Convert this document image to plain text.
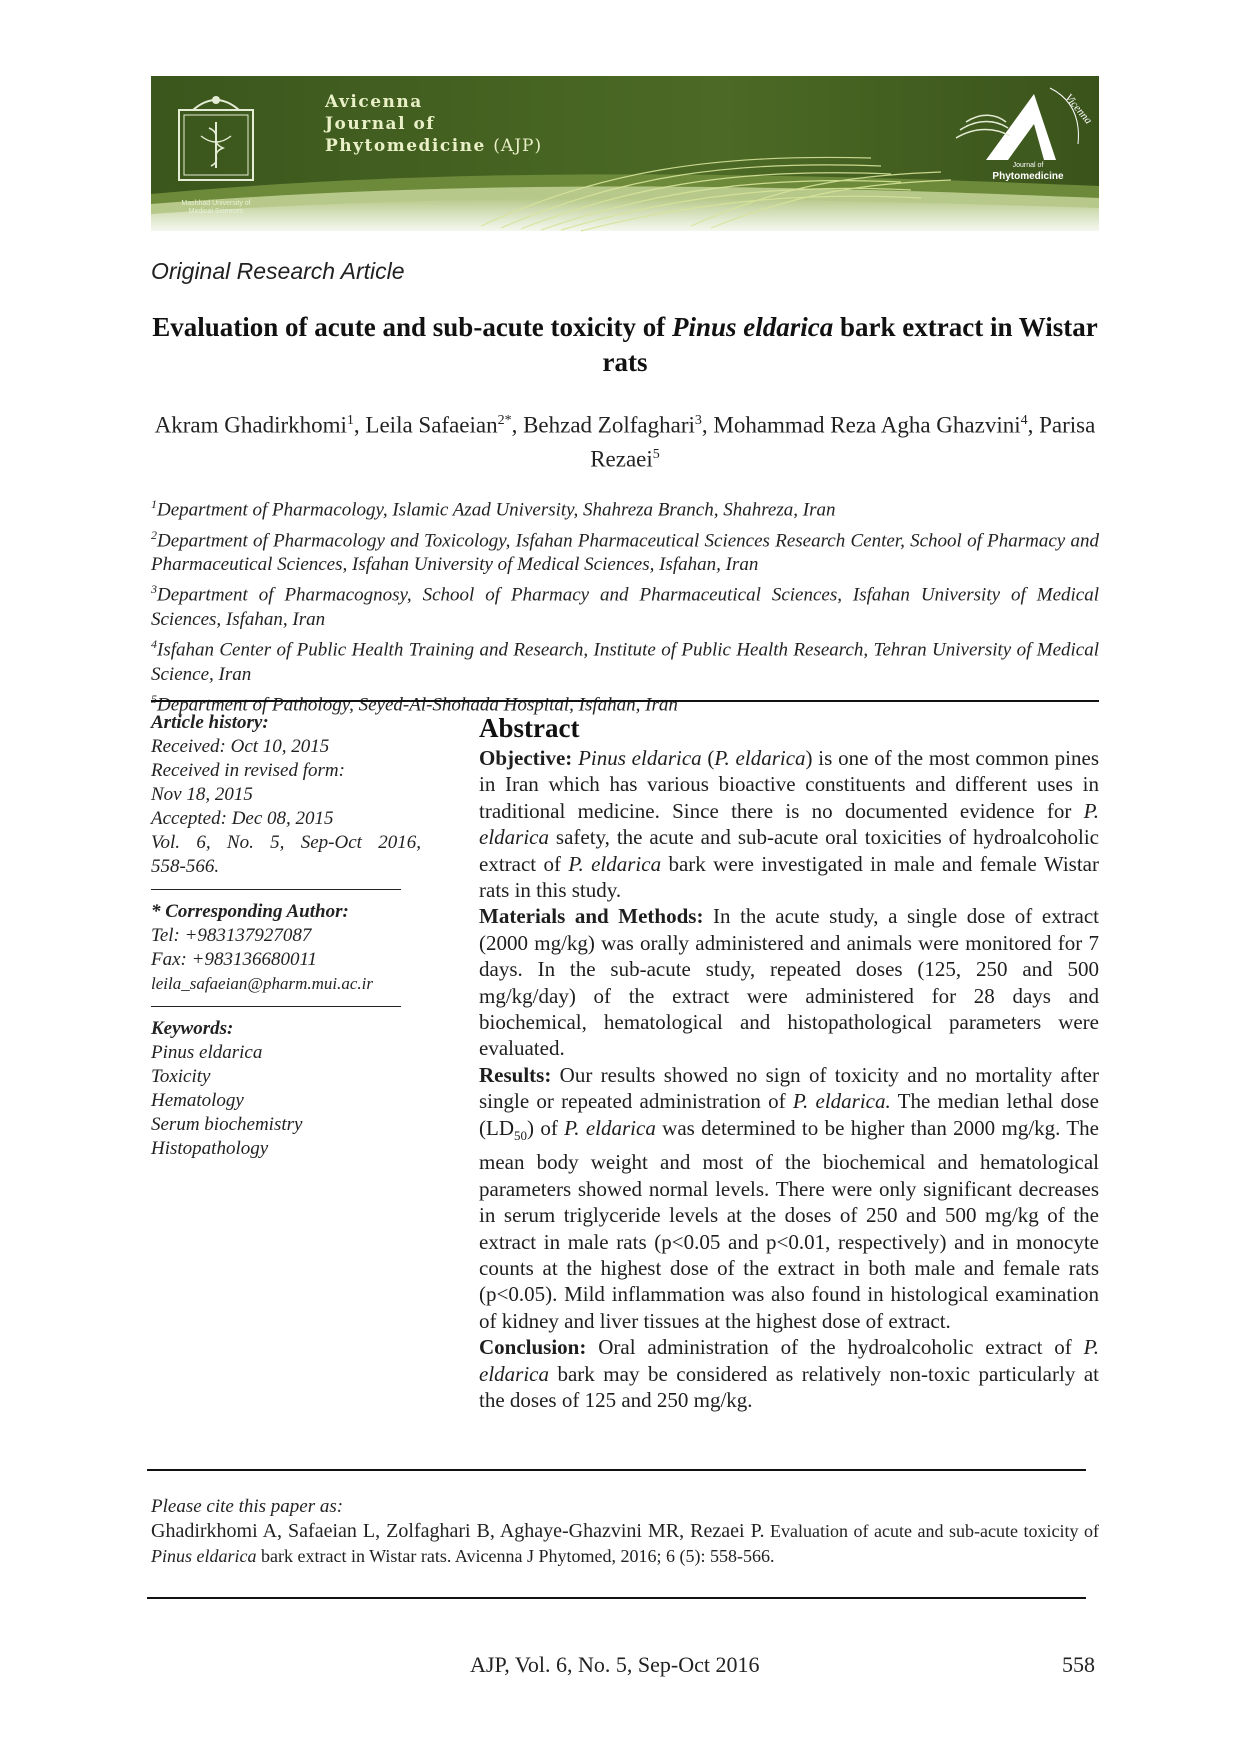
Mashhad University of Medical Sciences
Avicenna
Journal of
Phytomedicine (AJP)
Vicenna
Journal of
Phytomedicine
Original Research Article
Evaluation of acute and sub-acute toxicity of Pinus eldarica bark extract in Wistar rats
Akram Ghadirkhomi$^1$, Leila Safaeian$^{2*}$, Behzad Zolfaghari$^3$, Mohammad Reza Agha Ghazvini$^4$, Parisa Rezaei$^5$
$^1$Department of Pharmacology, Islamic Azad University, Shahreza Branch, Shahreza, Iran
$^2$Department of Pharmacology and Toxicology, Isfahan Pharmaceutical Sciences Research Center, School of Pharmacy and Pharmaceutical Sciences, Isfahan University of Medical Sciences, Isfahan, Iran
$^3$Department of Pharmacognosy, School of Pharmacy and Pharmaceutical Sciences, Isfahan University of Medical Sciences, Isfahan, Iran
$^4$Isfahan Center of Public Health Training and Research, Institute of Public Health Research, Tehran University of Medical Science, Iran
$^5$Department of Pathology, Seyed-Al-Shohada Hospital, Isfahan, Iran
Article history:
Received: Oct 10, 2015
Received in revised form:
Nov 18, 2015
Accepted: Dec 08, 2015
Vol. 6, No. 5, Sep-Oct 2016,
558-566.
* Corresponding Author:
Tel: +983137927087
Fax: +983136680011
leila_safaeian@pharm.mui.ac.ir
Keywords:
Pinus eldarica
Toxicity
Hematology
Serum biochemistry
Histopathology
Abstract

Objective: Pinus eldarica (P. eldarica) is one of the most common pines in Iran which has various bioactive constituents and different uses in traditional medicine. Since there is no documented evidence for P. eldarica safety, the acute and sub-acute oral toxicities of hydroalcoholic extract of P. eldarica bark were investigated in male and female Wistar rats in this study.

Materials and Methods: In the acute study, a single dose of extract (2000 mg/kg) was orally administered and animals were monitored for 7 days. In the sub-acute study, repeated doses (125, 250 and 500 mg/kg/day) of the extract were administered for 28 days and biochemical, hematological and histopathological parameters were evaluated.

Results: Our results showed no sign of toxicity and no mortality after single or repeated administration of P. eldarica. The median lethal dose $(LD_{50})$ of P. eldarica was determined to be higher than 2000 mg/kg. The mean body weight and most of the biochemical and hematological parameters showed normal levels. There were only significant decreases in serum triglyceride levels at the doses of 250 and 500 mg/kg of the extract in male rats (p<0.05 and p<0.01, respectively) and in monocyte counts at the highest dose of the extract in both male and female rats (p<0.05). Mild inflammation was also found in histological examination of kidney and liver tissues at the highest dose of extract.

Conclusion: Oral administration of the hydroalcoholic extract of P. eldarica bark may be considered as relatively non-toxic particularly at the doses of 125 and 250 mg/kg.

Please cite this paper as:
Ghadirkhomi A, Safaeian L, Zolfaghari B, Aghaye-Ghazvini MR, Rezaei P. Evaluation of acute and sub-acute toxicity of Pinus eldarica bark extract in Wistar rats. Avicenna J Phytomed, 2016; 6 (5): 558-566.
AJP, Vol. 6, No. 5, Sep-Oct 2016	558
